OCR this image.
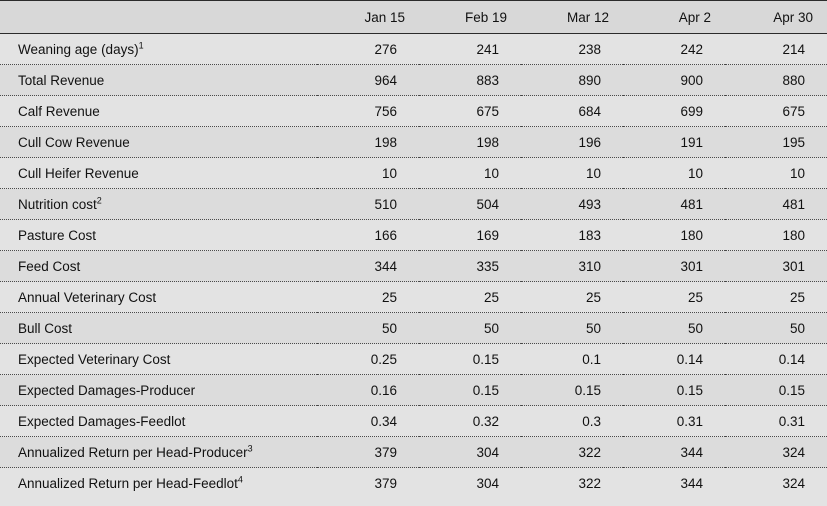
	Jan 15	Feb 19	Mar 12	Apr 2	Apr 30
Weaning age (days)$^1$	276	241	238	242	214
Total Revenue	964	883	890	900	880
Calf Revenue	756	675	684	699	675
Cull Cow Revenue	198	198	196	191	195
Cull Heifer Revenue	10	10	10	10	10
Nutrition cost$^2$	510	504	493	481	481
Pasture Cost	166	169	183	180	180
Feed Cost	344	335	310	301	301
Annual Veterinary Cost	25	25	25	25	25
Bull Cost	50	50	50	50	50
Expected Veterinary Cost	0.25	0.15	0.1	0.14	0.14
Expected Damages-Producer	0.16	0.15	0.15	0.15	0.15
Expected Damages-Feedlot	0.34	0.32	0.3	0.31	0.31
Annualized Return per Head-Producer$^3$	379	304	322	344	324
Annualized Return per Head-Feedlot$^4$	379	304	322	344	324
